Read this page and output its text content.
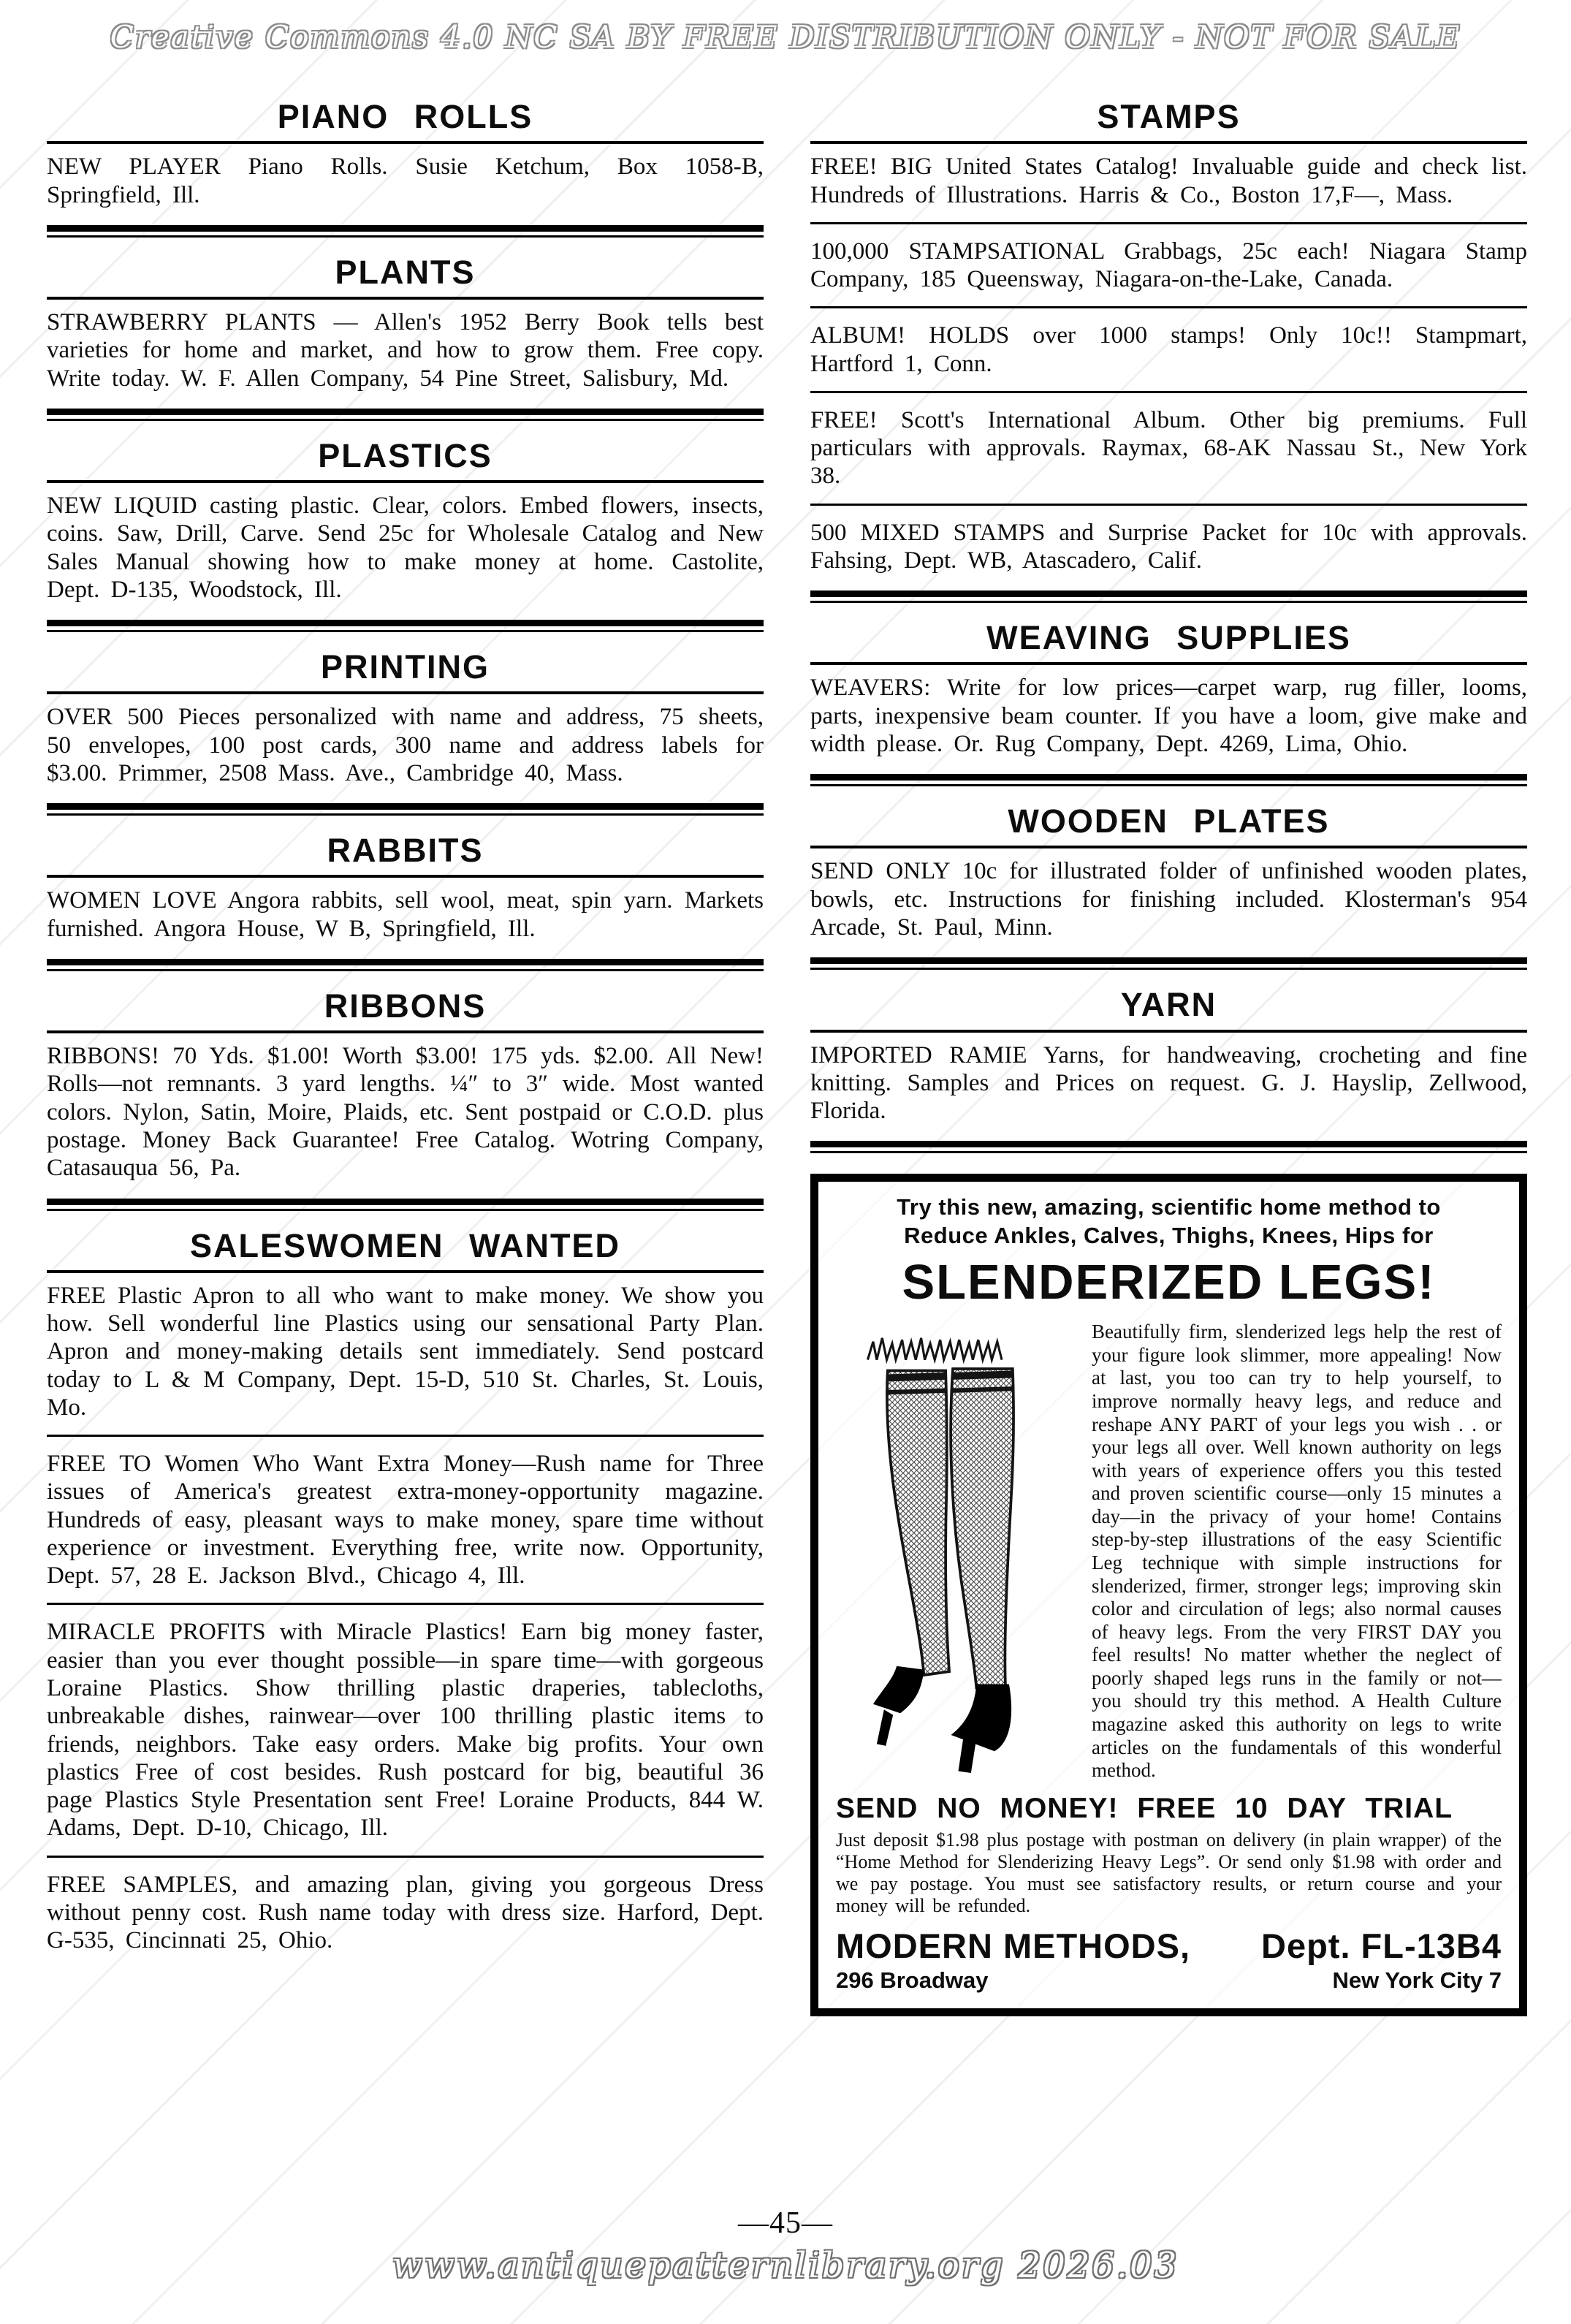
Creative Commons 4.0 NC SA BY FREE DISTRIBUTION ONLY - NOT FOR SALE
PIANO ROLLS

NEW PLAYER Piano Rolls. Susie Ketchum, Box 1058-B, Springfield, Ill.

PLANTS

STRAWBERRY PLANTS — Allen's 1952 Berry Book tells best varieties for home and market, and how to grow them. Free copy. Write today. W. F. Allen Company, 54 Pine Street, Salisbury, Md.

PLASTICS

NEW LIQUID casting plastic. Clear, colors. Embed flowers, insects, coins. Saw, Drill, Carve. Send 25c for Wholesale Catalog and New Sales Manual showing how to make money at home. Castolite, Dept. D-135, Woodstock, Ill.

PRINTING

OVER 500 Pieces personalized with name and address, 75 sheets, 50 envelopes, 100 post cards, 300 name and address labels for $3.00. Primmer, 2508 Mass. Ave., Cambridge 40, Mass.

RABBITS

WOMEN LOVE Angora rabbits, sell wool, meat, spin yarn. Markets furnished. Angora House, W B, Springfield, Ill.

RIBBONS

RIBBONS! 70 Yds. $1.00! Worth $3.00! 175 yds. $2.00. All New! Rolls—not remnants. 3 yard lengths. ¼″ to 3″ wide. Most wanted colors. Nylon, Satin, Moire, Plaids, etc. Sent postpaid or C.O.D. plus postage. Money Back Guarantee! Free Catalog. Wotring Company, Catasauqua 56, Pa.

SALESWOMEN WANTED

FREE Plastic Apron to all who want to make money. We show you how. Sell wonderful line Plastics using our sensational Party Plan. Apron and money-making details sent immediately. Send postcard today to L & M Company, Dept. 15-D, 510 St. Charles, St. Louis, Mo.

FREE TO Women Who Want Extra Money—Rush name for Three issues of America's greatest extra-money-opportunity magazine. Hundreds of easy, pleasant ways to make money, spare time without experience or investment. Everything free, write now. Opportunity, Dept. 57, 28 E. Jackson Blvd., Chicago 4, Ill.

MIRACLE PROFITS with Miracle Plastics! Earn big money faster, easier than you ever thought possible—in spare time—with gorgeous Loraine Plastics. Show thrilling plastic draperies, tablecloths, unbreakable dishes, rainwear—over 100 thrilling plastic items to friends, neighbors. Take easy orders. Make big profits. Your own plastics Free of cost besides. Rush postcard for big, beautiful 36 page Plastics Style Presentation sent Free! Loraine Products, 844 W. Adams, Dept. D-10, Chicago, Ill.

FREE SAMPLES, and amazing plan, giving you gorgeous Dress without penny cost. Rush name today with dress size. Harford, Dept. G-535, Cincinnati 25, Ohio.

STAMPS

FREE! BIG United States Catalog! Invaluable guide and check list. Hundreds of Illustrations. Harris & Co., Boston 17,F—, Mass.

100,000 STAMPSATIONAL Grabbags, 25c each! Niagara Stamp Company, 185 Queensway, Niagara-on-the-Lake, Canada.

ALBUM! HOLDS over 1000 stamps! Only 10c!! Stampmart, Hartford 1, Conn.

FREE! Scott's International Album. Other big premiums. Full particulars with approvals. Raymax, 68-AK Nassau St., New York 38.

500 MIXED STAMPS and Surprise Packet for 10c with approvals. Fahsing, Dept. WB, Atascadero, Calif.

WEAVING SUPPLIES

WEAVERS: Write for low prices—carpet warp, rug filler, looms, parts, inexpensive beam counter. If you have a loom, give make and width please. Or. Rug Company, Dept. 4269, Lima, Ohio.

WOODEN PLATES

SEND ONLY 10c for illustrated folder of unfinished wooden plates, bowls, etc. Instructions for finishing included. Klosterman's 954 Arcade, St. Paul, Minn.

YARN

IMPORTED RAMIE Yarns, for handweaving, crocheting and fine knitting. Samples and Prices on request. G. J. Hayslip, Zellwood, Florida.

Try this new, amazing, scientific home method to
Reduce Ankles, Calves, Thighs, Knees, Hips for
SLENDERIZED LEGS!

Beautifully firm, slenderized legs help the rest of your figure look slimmer, more appealing! Now at last, you too can try to help yourself, to improve normally heavy legs, and reduce and reshape ANY PART of your legs you wish . . or your legs all over. Well known authority on legs with years of experience offers you this tested and proven scientific course—only 15 minutes a day—in the privacy of your home! Contains step-by-step illustrations of the easy Scientific Leg technique with simple instructions for slenderized, firmer, stronger legs; improving skin color and circulation of legs; also normal causes of heavy legs. From the very FIRST DAY you feel results! No matter whether the neglect of poorly shaped legs runs in the family or not—you should try this method. A Health Culture magazine asked this authority on legs to write articles on the fundamentals of this wonderful method.

SEND NO MONEY! FREE 10 DAY TRIAL

Just deposit $1.98 plus postage with postman on delivery (in plain wrapper) of the “Home Method for Slenderizing Heavy Legs”. Or send only $1.98 with order and we pay postage. You must see satisfactory results, or return course and your money will be refunded.

MODERN METHODS, Dept. FL-13B4
296 Broadway	New York City 7
—45—
www.antiquepatternlibrary.org 2026.03
